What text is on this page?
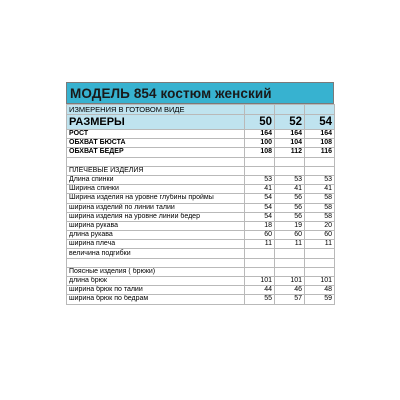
МОДЕЛЬ 854 костюм женский
ИЗМЕРЕНИЯ В ГОТОВОМ ВИДЕ			
РАЗМЕРЫ	50	52	54
РОСТ	164	164	164
ОБХВАТ БЮСТА	100	104	108
ОБХВАТ БЕДЕР	108	112	116

ПЛЕЧЕВЫЕ ИЗДЕЛИЯ			
Длина спинки	53	53	53
Ширина спинки	41	41	41
Ширина изделия на уровне глубины проймы	54	56	58
ширина изделий по линии талии	54	56	58
ширина изделия на уровне линии бедер	54	56	58
ширина рукава	18	19	20
длина рукава	60	60	60
ширина плеча	11	11	11
величина подгибки			

Поясные изделия ( брюки)			
длина брюк	101	101	101
ширина брюк по талии	44	46	48
ширина брюк по бедрам	55	57	59
